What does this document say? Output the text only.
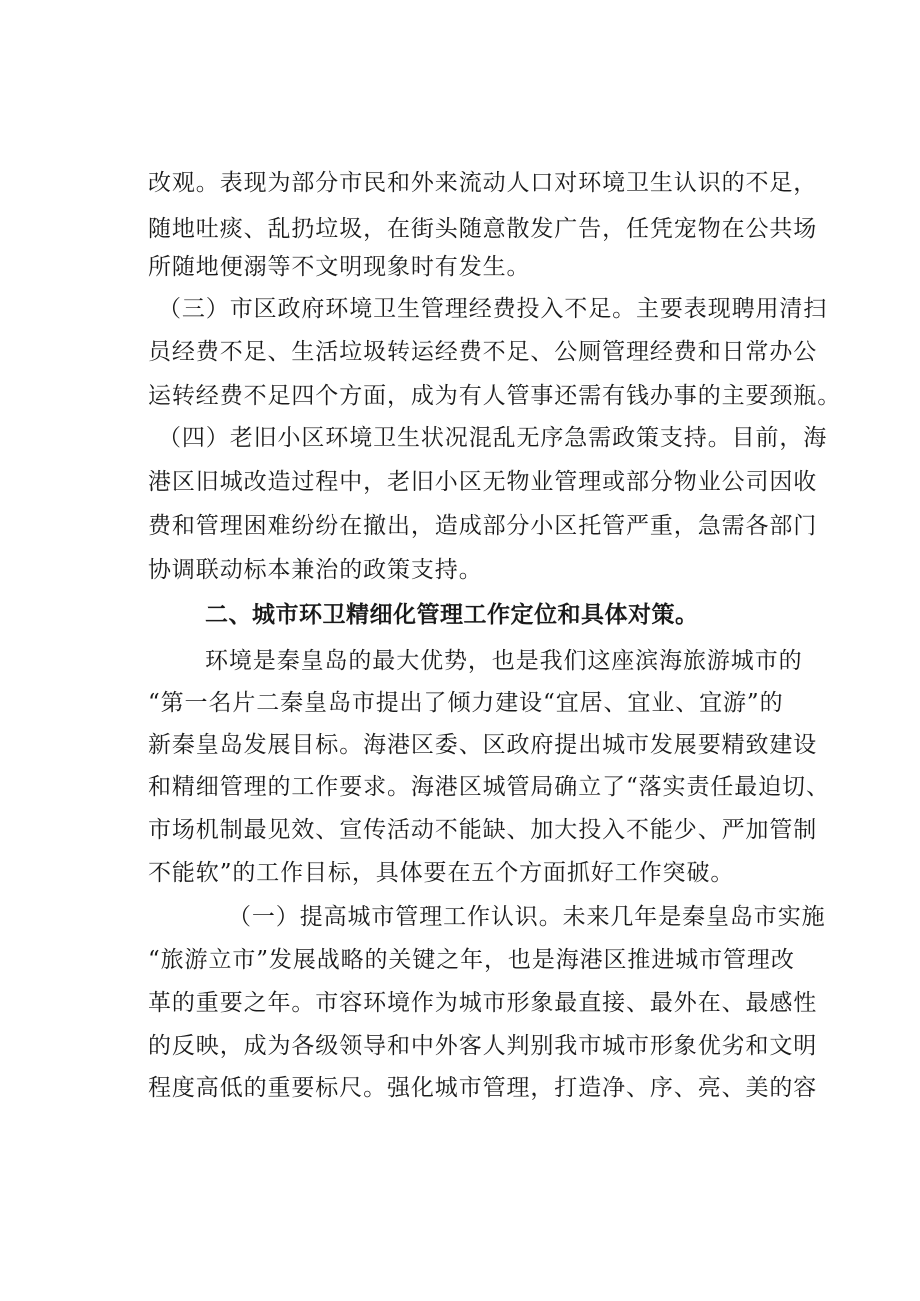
改观。表现为部分市民和外来流动人口对环境卫生认识的不足，
随地吐痰、乱扔垃圾，在街头随意散发广告，任凭宠物在公共场
所随地便溺等不文明现象时有发生。
（三）市区政府环境卫生管理经费投入不足。主要表现聘用清扫
员经费不足、生活垃圾转运经费不足、公厕管理经费和日常办公
运转经费不足四个方面，成为有人管事还需有钱办事的主要颈瓶。
（四）老旧小区环境卫生状况混乱无序急需政策支持。目前，海
港区旧城改造过程中，老旧小区无物业管理或部分物业公司因收
费和管理困难纷纷在撤出，造成部分小区托管严重，急需各部门
协调联动标本兼治的政策支持。
二、城市环卫精细化管理工作定位和具体对策。
环境是秦皇岛的最大优势，也是我们这座滨海旅游城市的
“第一名片二秦皇岛市提出了倾力建设“宜居、宜业、宜游”的
新秦皇岛发展目标。海港区委、区政府提出城市发展要精致建设
和精细管理的工作要求。海港区城管局确立了“落实责任最迫切、
市场机制最见效、宣传活动不能缺、加大投入不能少、严加管制
不能软”的工作目标，具体要在五个方面抓好工作突破。
（一）提高城市管理工作认识。未来几年是秦皇岛市实施
“旅游立市”发展战略的关键之年，也是海港区推进城市管理改
革的重要之年。市容环境作为城市形象最直接、最外在、最感性
的反映，成为各级领导和中外客人判别我市城市形象优劣和文明
程度高低的重要标尺。强化城市管理，打造净、序、亮、美的容
